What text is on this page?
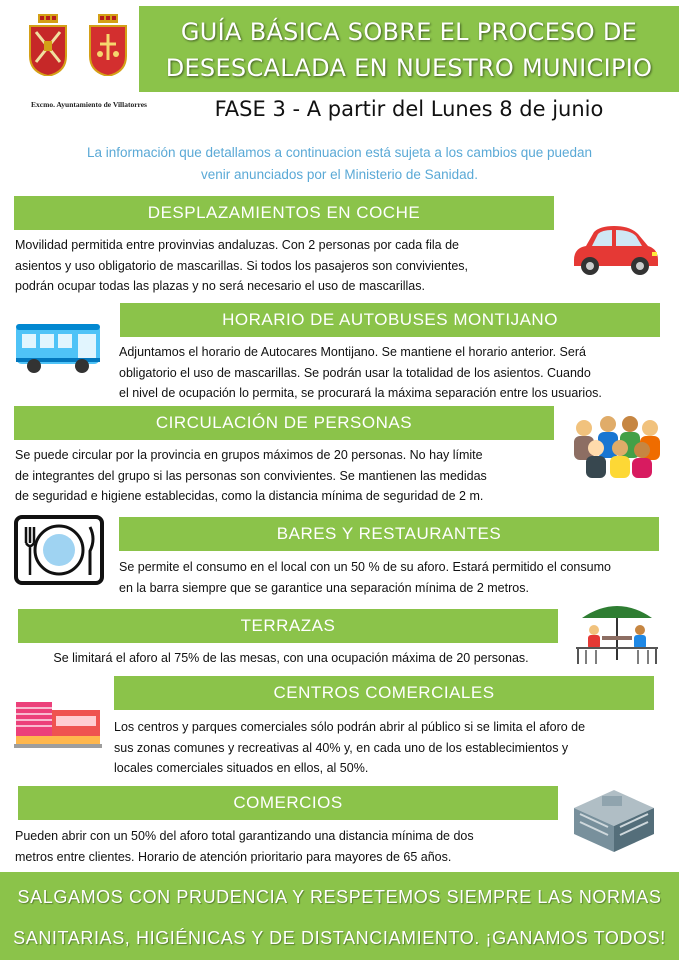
Excmo. Ayuntamiento de Villatorres
GUÍA BÁSICA SOBRE EL PROCESO DE
DESESCALADA EN NUESTRO MUNICIPIO
FASE 3 - A partir del Lunes 8 de junio
La información que detallamos a continuacion está sujeta a los cambios que puedan
venir anunciados por el Ministerio de Sanidad.
DESPLAZAMIENTOS EN COCHE
Movilidad permitida entre provinvias andaluzas. Con 2 personas por cada fila de
asientos y uso obligatorio de mascarillas. Si todos los pasajeros son convivientes,
podrán ocupar todas las plazas y no será necesario el uso de mascarillas.
HORARIO DE AUTOBUSES MONTIJANO
Adjuntamos el horario de Autocares Montijano. Se mantiene el horario anterior. Será
obligatorio el uso de mascarillas. Se podrán usar la totalidad de los asientos. Cuando
el nivel de ocupación lo permita, se procurará la máxima separación entre los usuarios.
CIRCULACIÓN DE PERSONAS
Se puede circular por la provincia en grupos máximos de 20 personas. No hay límite
de integrantes del grupo si las personas son convivientes. Se mantienen las medidas
de seguridad e higiene establecidas, como la distancia mínima de seguridad de 2 m.
BARES Y RESTAURANTES
Se permite el consumo en el local con un 50 % de su aforo. Estará permitido el consumo
en la barra siempre que se garantice una separación mínima de 2 metros.
TERRAZAS
Se limitará el aforo al 75% de las mesas, con una ocupación máxima de 20 personas.
CENTROS COMERCIALES
Los centros y parques comerciales sólo podrán abrir al público si se limita el aforo de
sus zonas comunes y recreativas al 40% y, en cada uno de los establecimientos y
locales comerciales situados en ellos, al 50%.
COMERCIOS
Pueden abrir con un 50% del aforo total garantizando una distancia mínima de dos
metros entre clientes. Horario de atención prioritario para mayores de 65 años.
SALGAMOS CON PRUDENCIA Y RESPETEMOS SIEMPRE LAS NORMAS
SANITARIAS, HIGIÉNICAS Y DE DISTANCIAMIENTO. ¡GANAMOS TODOS!
